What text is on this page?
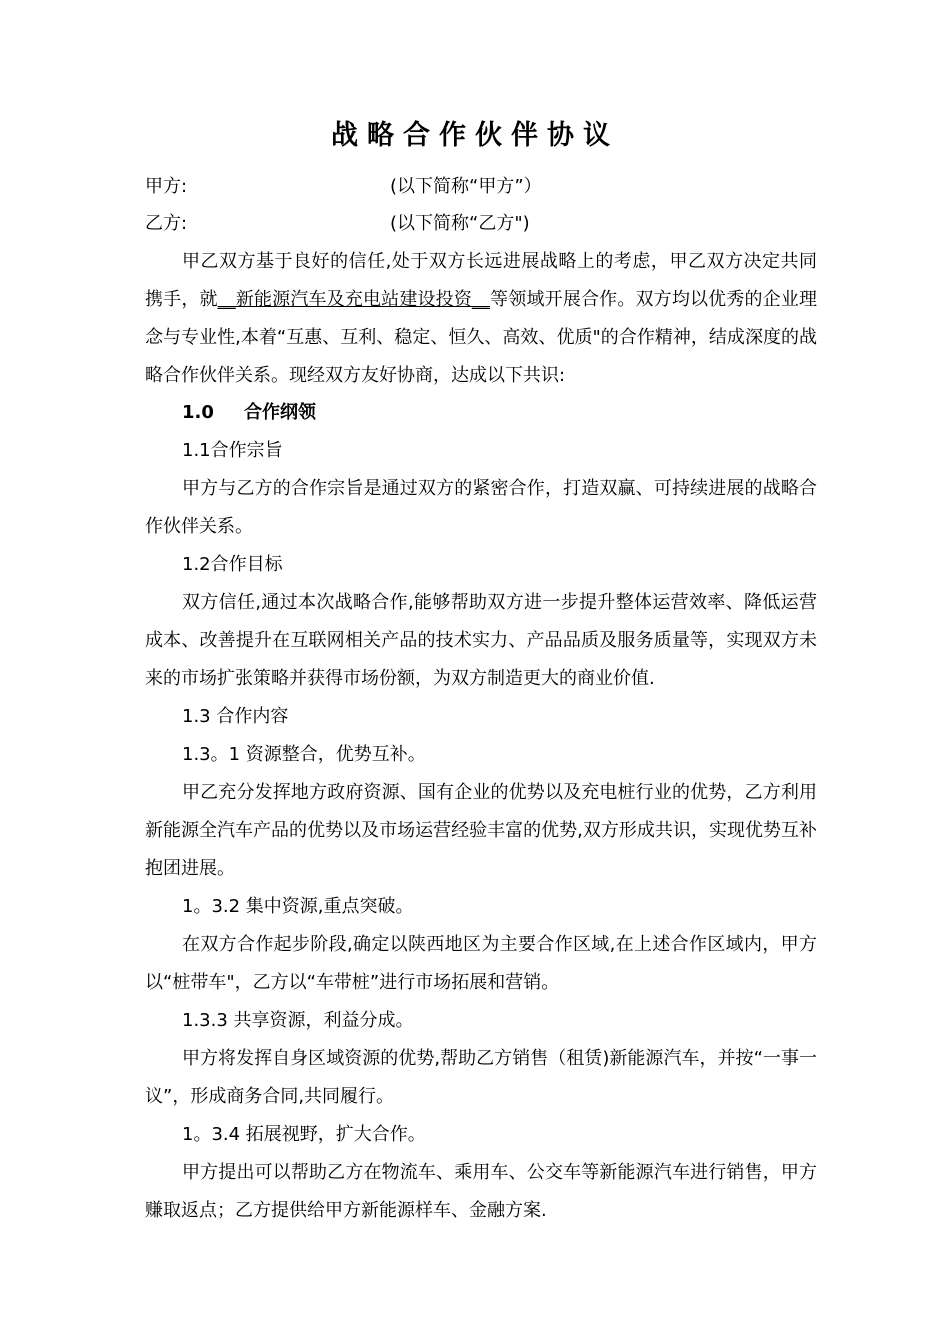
战略合作伙伴协议
甲方:	(以下简称“甲方”）
乙方:	(以下简称“乙方")

甲乙双方基于良好的信任,处于双方长远进展战略上的考虑，甲乙双方决定共同携手，就__新能源汽车及充电站建设投资__等领域开展合作。双方均以优秀的企业理念与专业性,本着“互惠、互利、稳定、恒久、高效、优质"的合作精神，结成深度的战略合作伙伴关系。现经双方友好协商，达成以下共识:

1.0 合作纲领
1.1合作宗旨

甲方与乙方的合作宗旨是通过双方的紧密合作，打造双赢、可持续进展的战略合作伙伴关系。

1.2合作目标

双方信任,通过本次战略合作,能够帮助双方进一步提升整体运营效率、降低运营成本、改善提升在互联网相关产品的技术实力、产品品质及服务质量等，实现双方未来的市场扩张策略并获得市场份额，为双方制造更大的商业价值.

1.3 合作内容
1.3。1 资源整合，优势互补。

甲乙充分发挥地方政府资源、国有企业的优势以及充电桩行业的优势，乙方利用新能源全汽车产品的优势以及市场运营经验丰富的优势,双方形成共识，实现优势互补抱团进展。

1。3.2 集中资源,重点突破。

在双方合作起步阶段,确定以陕西地区为主要合作区域,在上述合作区域内，甲方以“桩带车"，乙方以“车带桩”进行市场拓展和营销。

1.3.3 共享资源，利益分成。

甲方将发挥自身区域资源的优势,帮助乙方销售（租赁)新能源汽车，并按“一事一议”，形成商务合同,共同履行。

1。3.4 拓展视野，扩大合作。

甲方提出可以帮助乙方在物流车、乘用车、公交车等新能源汽车进行销售，甲方赚取返点；乙方提供给甲方新能源样车、金融方案.
